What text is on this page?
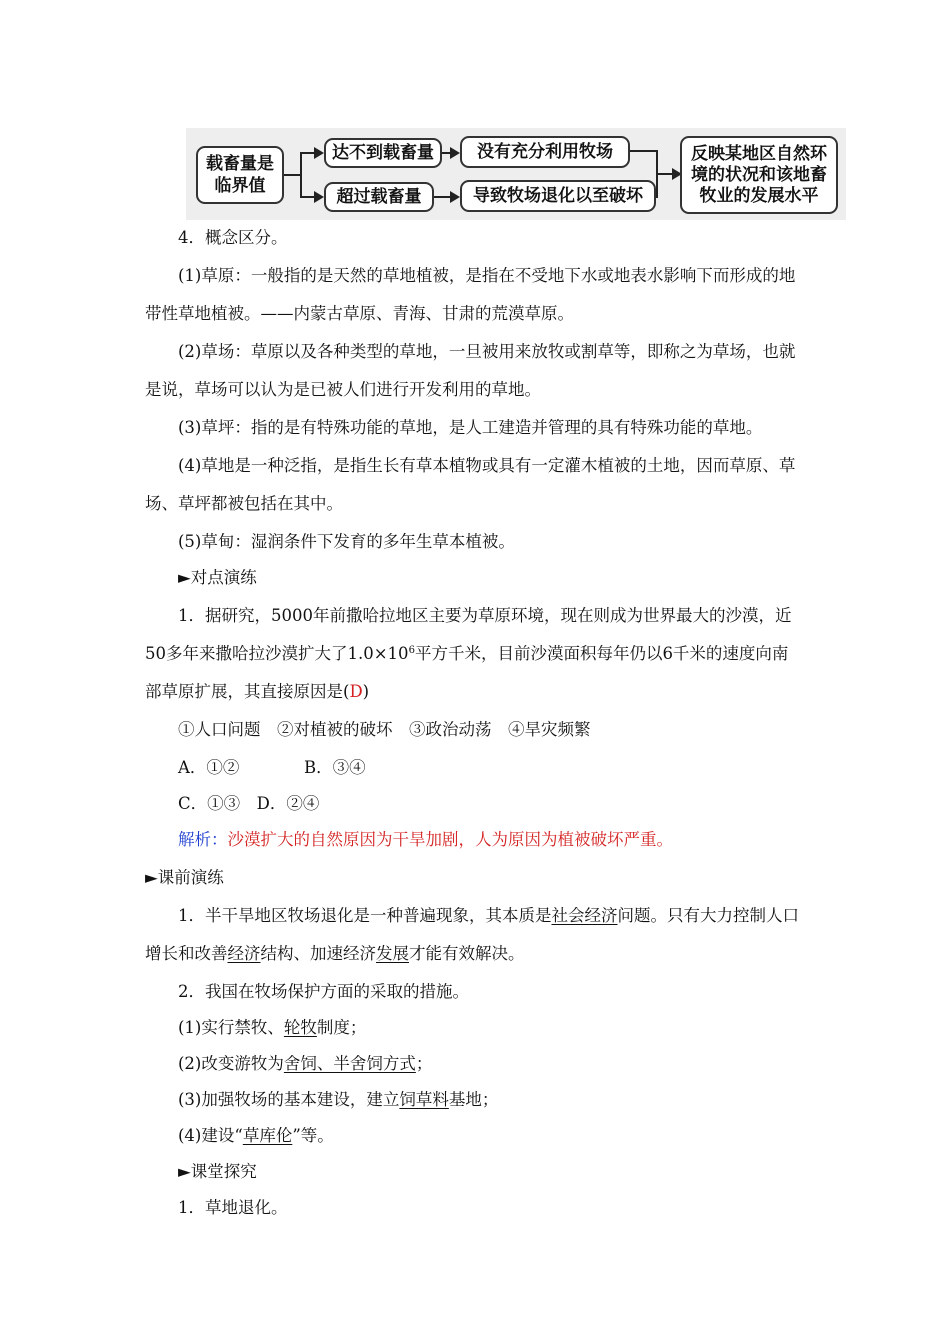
载畜量是
临界值
达不到载畜量
超过载畜量
没有充分利用牧场
导致牧场退化以至破坏
反映某地区自然环
境的状况和该地畜
牧业的发展水平
4．概念区分。
(1)草原：一般指的是天然的草地植被，是指在不受地下水或地表水影响下而形成的地
带性草地植被。——内蒙古草原、青海、甘肃的荒漠草原。
(2)草场：草原以及各种类型的草地，一旦被用来放牧或割草等，即称之为草场，也就
是说，草场可以认为是已被人们进行开发利用的草地。
(3)草坪：指的是有特殊功能的草地，是人工建造并管理的具有特殊功能的草地。
(4)草地是一种泛指，是指生长有草本植物或具有一定灌木植被的土地，因而草原、草
场、草坪都被包括在其中。
(5)草甸：湿润条件下发育的多年生草本植被。
►对点演练
1．据研究，5000年前撒哈拉地区主要为草原环境，现在则成为世界最大的沙漠，近
50多年来撒哈拉沙漠扩大了$1.0\times 10^6$平方千米，目前沙漠面积每年仍以6千米的速度向南
部草原扩展，其直接原因是(D)
①人口问题　②对植被的破坏　③政治动荡　④旱灾频繁
A．①②	B．③④
C．①③　D．②④
解析：沙漠扩大的自然原因为干旱加剧，人为原因为植被破坏严重。
►课前演练
1．半干旱地区牧场退化是一种普遍现象，其本质是社会经济问题。只有大力控制人口
增长和改善经济结构、加速经济发展才能有效解决。
2．我国在牧场保护方面的采取的措施。
(1)实行禁牧、轮牧制度；
(2)改变游牧为舍饲、半舍饲方式；
(3)加强牧场的基本建设，建立饲草料基地；
(4)建设“草库伦”等。
►课堂探究
1．草地退化。
